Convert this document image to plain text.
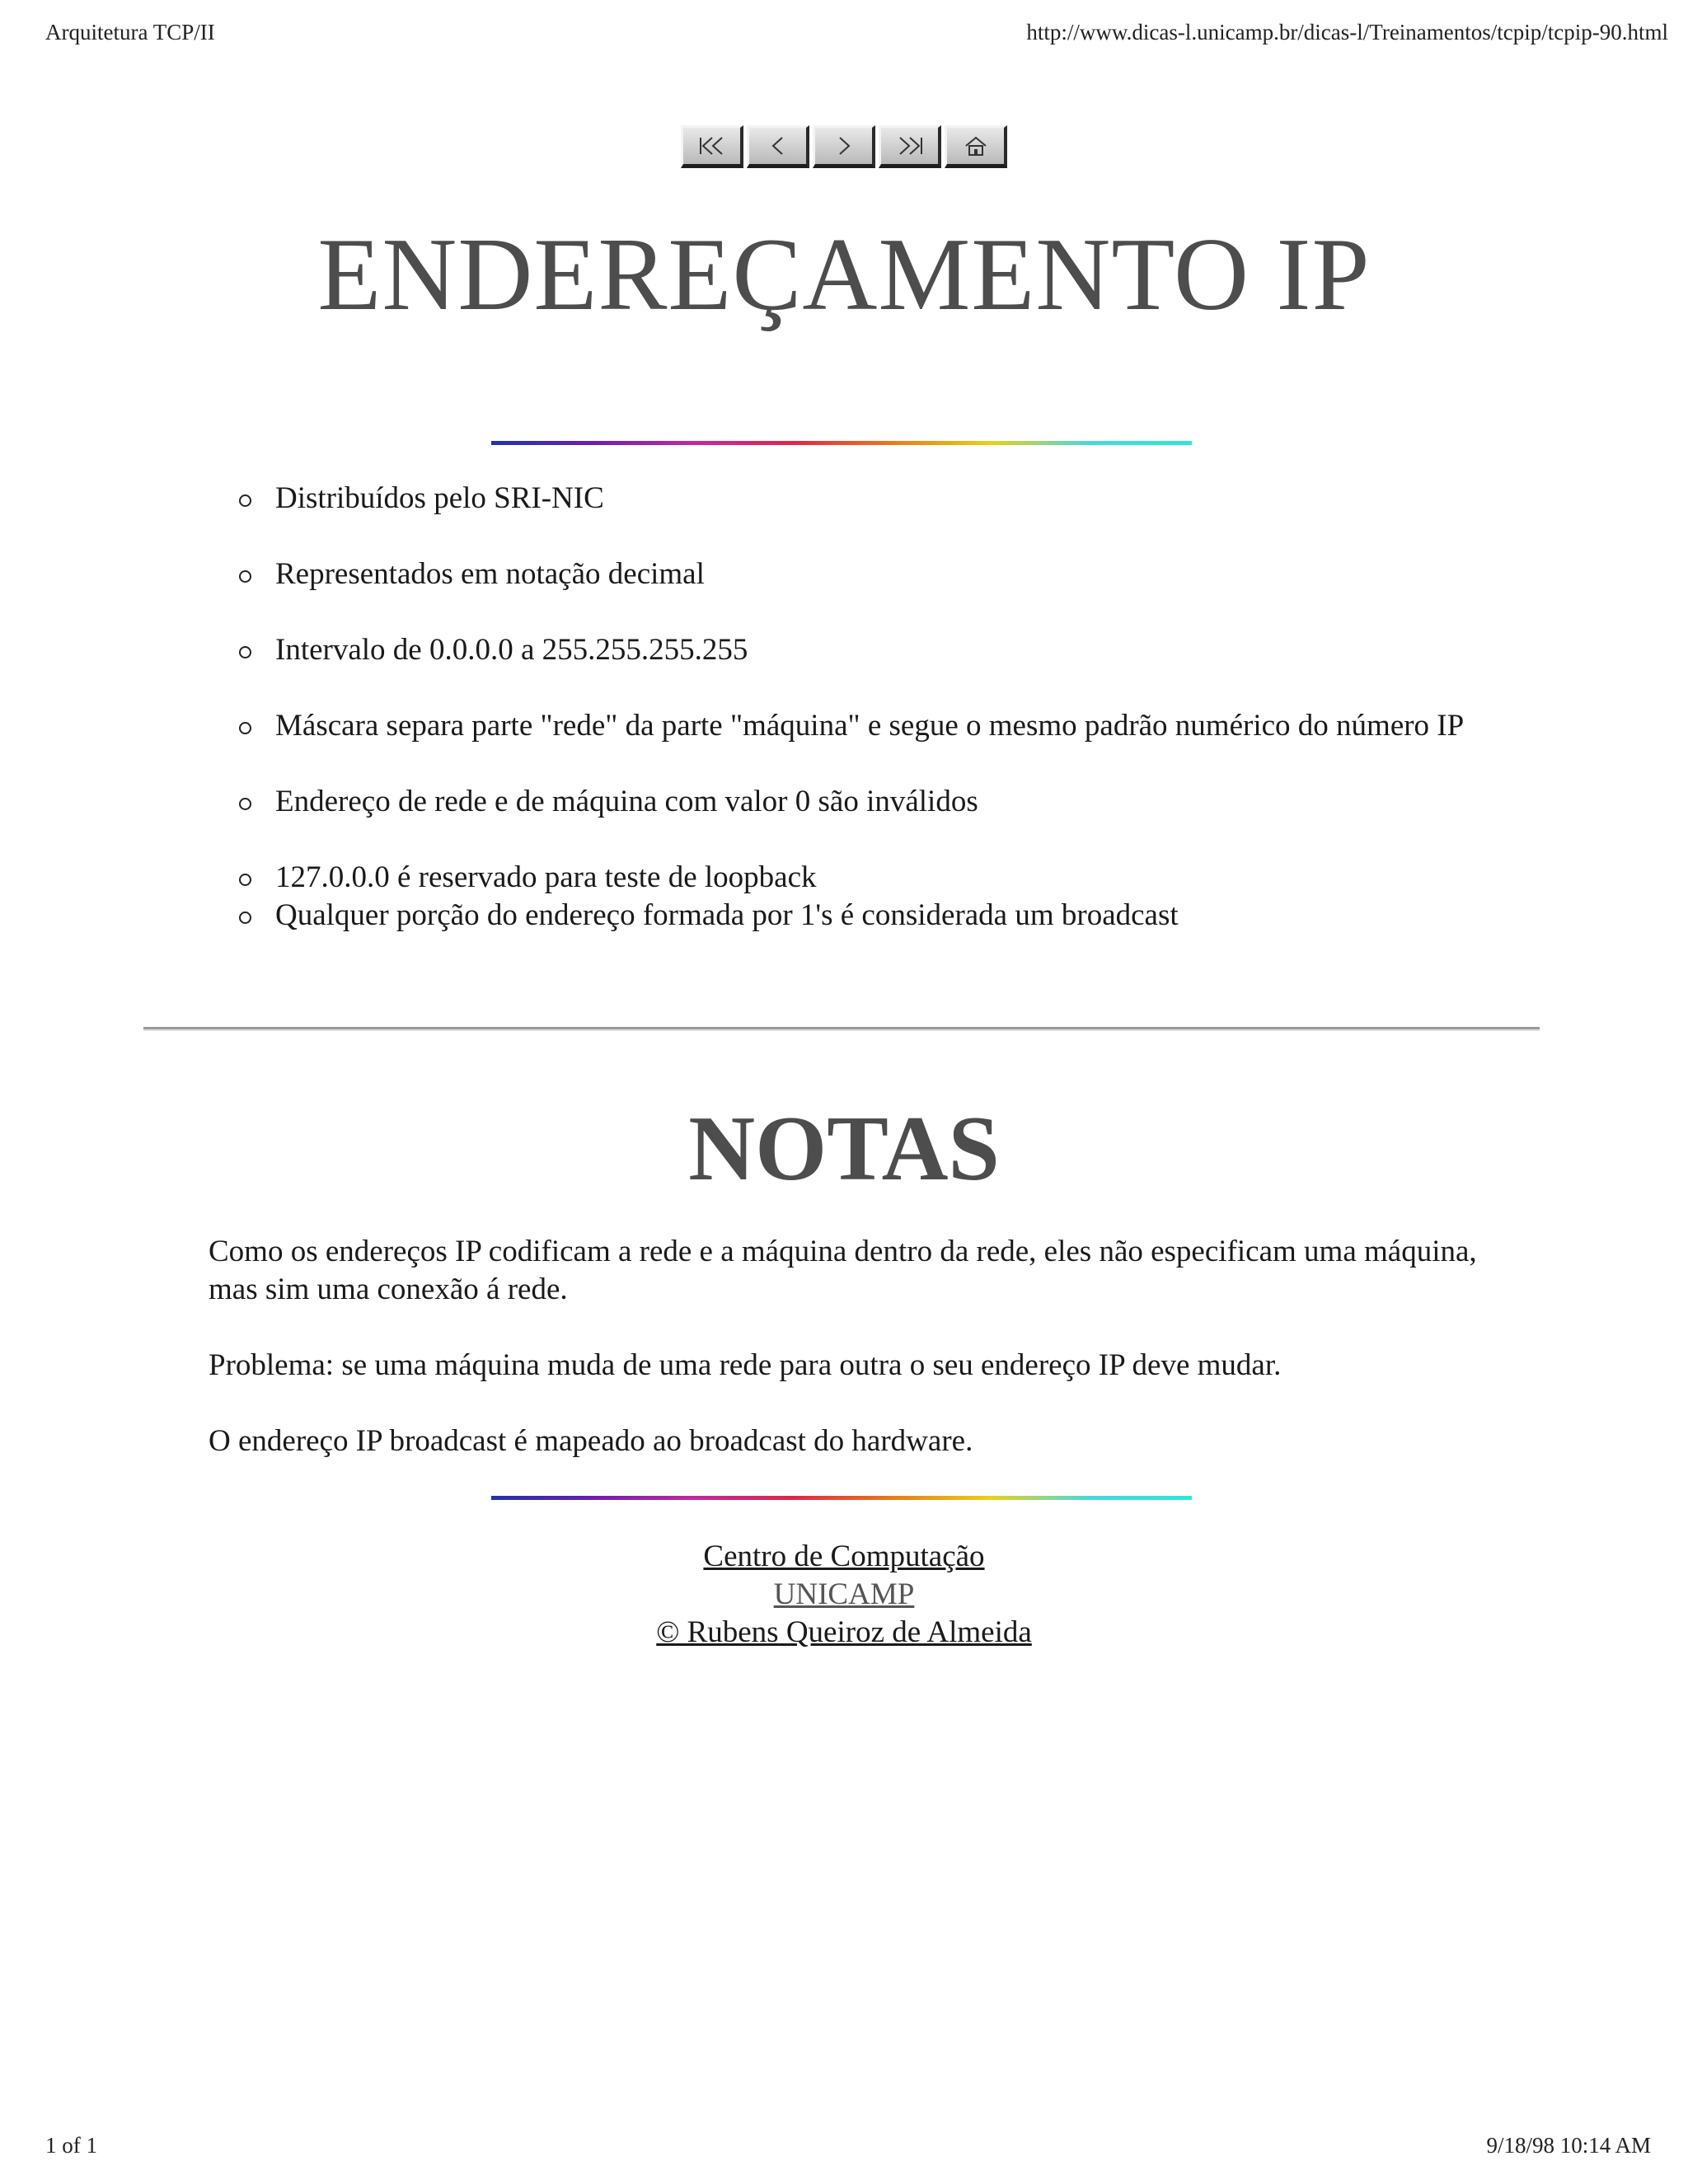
Arquitetura TCP/II	http://www.dicas-l.unicamp.br/dicas-l/Treinamentos/tcpip/tcpip-90.html
ENDEREÇAMENTO IP
Distribuídos pelo SRI-NIC
Representados em notação decimal
Intervalo de 0.0.0.0 a 255.255.255.255
Máscara separa parte "rede" da parte "máquina" e segue o mesmo padrão numérico do número IP
Endereço de rede e de máquina com valor 0 são inválidos
127.0.0.0 é reservado para teste de loopback
Qualquer porção do endereço formada por 1's é considerada um broadcast
NOTAS

Como os endereços IP codificam a rede e a máquina dentro da rede, eles não especificam uma máquina, mas sim uma conexão á rede.

Problema: se uma máquina muda de uma rede para outra o seu endereço IP deve mudar.

O endereço IP broadcast é mapeado ao broadcast do hardware.

Centro de Computação
UNICAMP
© Rubens Queiroz de Almeida
1 of 1	9/18/98 10:14 AM
